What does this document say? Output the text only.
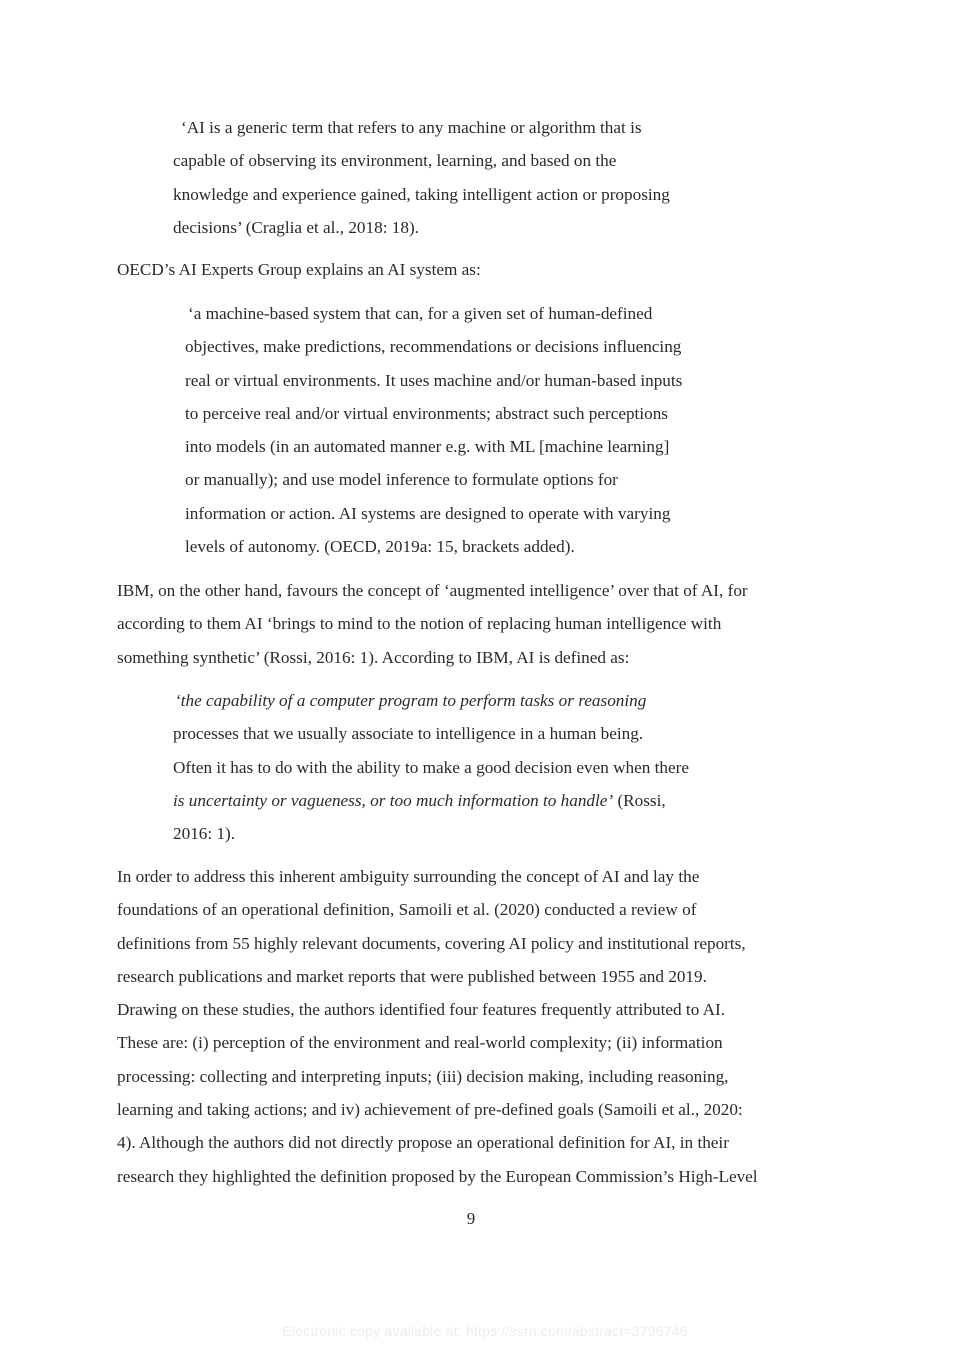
‘AI is a generic term that refers to any machine or algorithm that is
capable of observing its environment, learning, and based on the
knowledge and experience gained, taking intelligent action or proposing
decisions’ (Craglia et al., 2018: 18).
OECD’s AI Experts Group explains an AI system as:
‘a machine-based system that can, for a given set of human-defined
objectives, make predictions, recommendations or decisions influencing
real or virtual environments. It uses machine and/or human-based inputs
to perceive real and/or virtual environments; abstract such perceptions
into models (in an automated manner e.g. with ML [machine learning]
or manually); and use model inference to formulate options for
information or action. AI systems are designed to operate with varying
levels of autonomy. (OECD, 2019a: 15, brackets added).
IBM, on the other hand, favours the concept of ‘augmented intelligence’ over that of AI, for
according to them AI ‘brings to mind to the notion of replacing human intelligence with
something synthetic’ (Rossi, 2016: 1). According to IBM, AI is defined as:
‘the capability of a computer program to perform tasks or reasoning
processes that we usually associate to intelligence in a human being.
Often it has to do with the ability to make a good decision even when there
is uncertainty or vagueness, or too much information to handle’ (Rossi,
2016: 1).
In order to address this inherent ambiguity surrounding the concept of AI and lay the
foundations of an operational definition, Samoili et al. (2020) conducted a review of
definitions from 55 highly relevant documents, covering AI policy and institutional reports,
research publications and market reports that were published between 1955 and 2019.
Drawing on these studies, the authors identified four features frequently attributed to AI.
These are: (i) perception of the environment and real-world complexity; (ii) information
processing: collecting and interpreting inputs; (iii) decision making, including reasoning,
learning and taking actions; and iv) achievement of pre-defined goals (Samoili et al., 2020:
4). Although the authors did not directly propose an operational definition for AI, in their
research they highlighted the definition proposed by the European Commission’s High-Level
9
Electronic copy available at: https://ssrn.com/abstract=3796746
